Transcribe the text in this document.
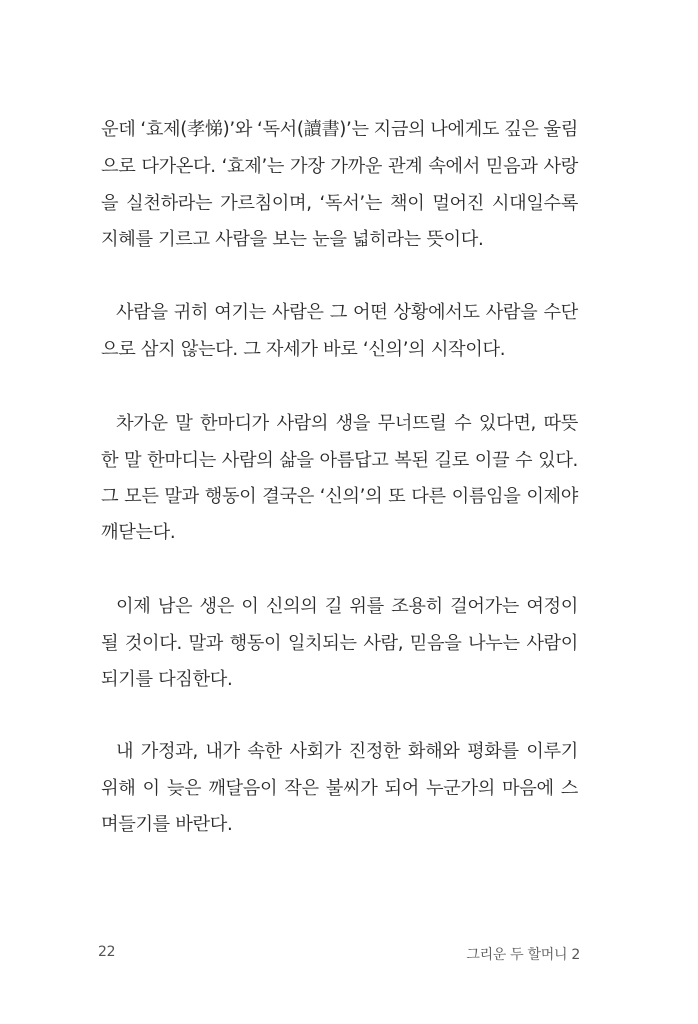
운데 ‘효제(孝悌)’와 ‘독서(讀書)’는 지금의 나에게도 깊은 울림
으로 다가온다. ‘효제’는 가장 가까운 관계 속에서 믿음과 사랑
을 실천하라는 가르침이며, ‘독서’는 책이 멀어진 시대일수록
지혜를 기르고 사람을 보는 눈을 넓히라는 뜻이다.
사람을 귀히 여기는 사람은 그 어떤 상황에서도 사람을 수단
으로 삼지 않는다. 그 자세가 바로 ‘신의’의 시작이다.
차가운 말 한마디가 사람의 생을 무너뜨릴 수 있다면, 따뜻
한 말 한마디는 사람의 삶을 아름답고 복된 길로 이끌 수 있다.
그 모든 말과 행동이 결국은 ‘신의’의 또 다른 이름임을 이제야
깨닫는다.
이제 남은 생은 이 신의의 길 위를 조용히 걸어가는 여정이
될 것이다. 말과 행동이 일치되는 사람, 믿음을 나누는 사람이
되기를 다짐한다.
내 가정과, 내가 속한 사회가 진정한 화해와 평화를 이루기
위해 이 늦은 깨달음이 작은 불씨가 되어 누군가의 마음에 스
며들기를 바란다.
22	그리운 두 할머니 2
